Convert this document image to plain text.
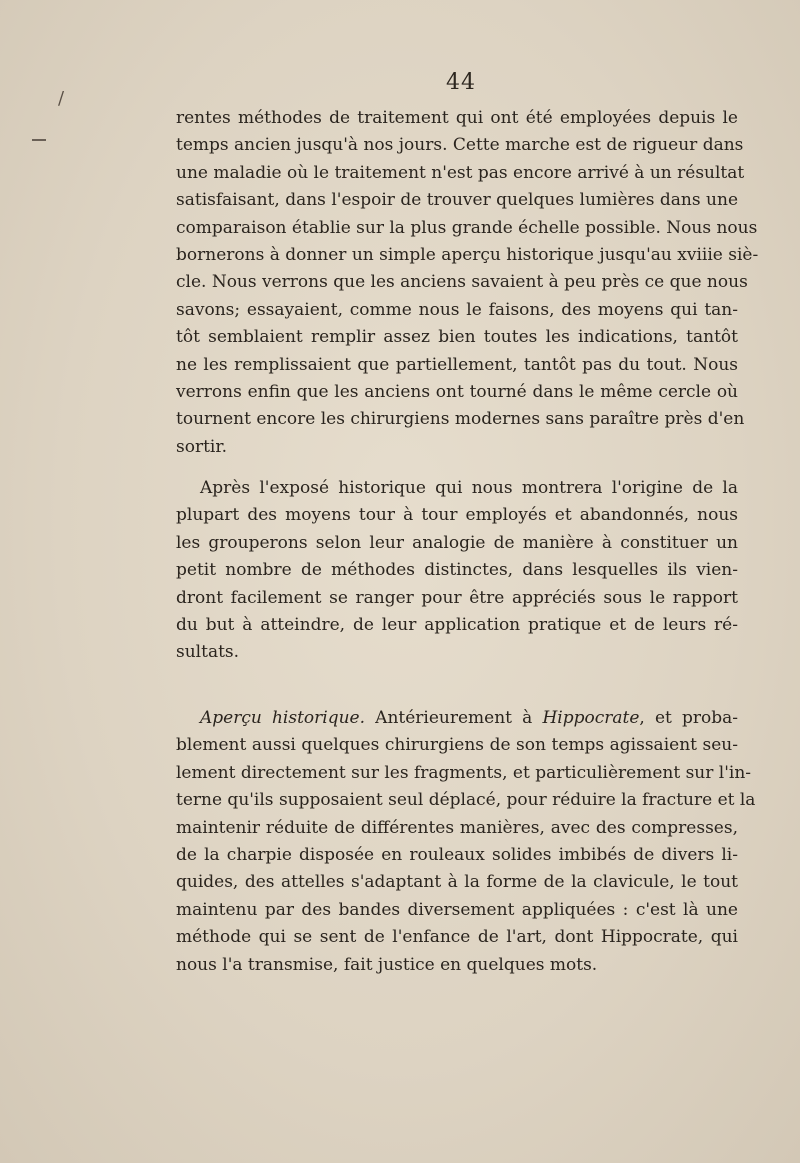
44
/
rentes méthodes de traitement qui ont été employées depuis le
temps ancien jusqu'à nos jours. Cette marche est de rigueur dans
une maladie où le traitement n'est pas encore arrivé à un résultat
satisfaisant, dans l'espoir de trouver quelques lumières dans une
comparaison établie sur la plus grande échelle possible. Nous nous
bornerons à donner un simple aperçu historique jusqu'au xviiie siè-
cle. Nous verrons que les anciens savaient à peu près ce que nous
savons; essayaient, comme nous le faisons, des moyens qui tan-
tôt semblaient remplir assez bien toutes les indications, tantôt
ne les remplissaient que partiellement, tantôt pas du tout. Nous
verrons enfin que les anciens ont tourné dans le même cercle où
tournent encore les chirurgiens modernes sans paraître près d'en
sortir.
Après l'exposé historique qui nous montrera l'origine de la
plupart des moyens tour à tour employés et abandonnés, nous
les grouperons selon leur analogie de manière à constituer un
petit nombre de méthodes distinctes, dans lesquelles ils vien-
dront facilement se ranger pour être appréciés sous le rapport
du but à atteindre, de leur application pratique et de leurs ré-
sultats.
Aperçu historique. Antérieurement à Hippocrate, et proba-
blement aussi quelques chirurgiens de son temps agissaient seu-
lement directement sur les fragments, et particulièrement sur l'in-
terne qu'ils supposaient seul déplacé, pour réduire la fracture et la
maintenir réduite de différentes manières, avec des compresses,
de la charpie disposée en rouleaux solides imbibés de divers li-
quides, des attelles s'adaptant à la forme de la clavicule, le tout
maintenu par des bandes diversement appliquées : c'est là une
méthode qui se sent de l'enfance de l'art, dont Hippocrate, qui
nous l'a transmise, fait justice en quelques mots.
